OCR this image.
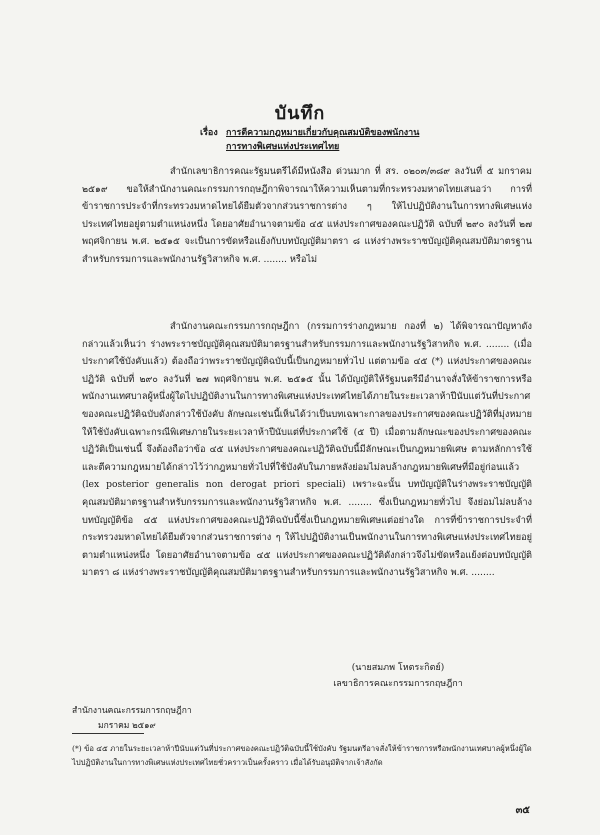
บันทึก
เรื่อง การตีความกฎหมายเกี่ยวกับคุณสมบัติของพนักงาน
การทางพิเศษแห่งประเทศไทย
สำนักเลขาธิการคณะรัฐมนตรีได้มีหนังสือ ด่วนมาก ที่ สร. ๐๒๐๓/๓๘๙ ลงวันที่ ๕ มกราคม ๒๕๑๙ ขอให้สำนักงานคณะกรรมการกฤษฎีกาพิจารณาให้ความเห็นตามที่กระทรวงมหาดไทยเสนอว่า การที่ข้าราชการประจำที่กระทรวงมหาดไทยได้ยืมตัวจากส่วนราชการต่าง ๆ ให้ไปปฏิบัติงานในการทางพิเศษแห่งประเทศไทยอยู่ตามตำแหน่งหนึ่ง โดยอาศัยอำนาจตามข้อ ๔๕ แห่งประกาศของคณะปฏิวัติ ฉบับที่ ๒๙๐ ลงวันที่ ๒๗ พฤศจิกายน พ.ศ. ๒๕๑๕ จะเป็นการขัดหรือแย้งกับบทบัญญัติมาตรา ๘ แห่งร่างพระราชบัญญัติคุณสมบัติมาตรฐานสำหรับกรรมการและพนักงานรัฐวิสาหกิจ พ.ศ. ........ หรือไม่
สำนักงานคณะกรรมการกฤษฎีกา (กรรมการร่างกฎหมาย กองที่ ๒) ได้พิจารณาปัญหาดังกล่าวแล้วเห็นว่า ร่างพระราชบัญญัติคุณสมบัติมาตรฐานสำหรับกรรมการและพนักงานรัฐวิสาหกิจ พ.ศ. ........ (เมื่อประกาศใช้บังคับแล้ว) ต้องถือว่าพระราชบัญญัติฉบับนี้เป็นกฎหมายทั่วไป แต่ตามข้อ ๔๕ (*) แห่งประกาศของคณะปฏิวัติ ฉบับที่ ๒๙๐ ลงวันที่ ๒๗ พฤศจิกายน พ.ศ. ๒๕๑๕ นั้น ได้บัญญัติให้รัฐมนตรีมีอำนาจสั่งให้ข้าราชการหรือพนักงานเทศบาลผู้หนึ่งผู้ใดไปปฏิบัติงานในการทางพิเศษแห่งประเทศไทยได้ภายในระยะเวลาห้าปีนับแต่วันที่ประกาศของคณะปฏิวัติฉบับดังกล่าวใช้บังคับ ลักษณะเช่นนี้เห็นได้ว่าเป็นบทเฉพาะกาลของประกาศของคณะปฏิวัติที่มุ่งหมายให้ใช้บังคับเฉพาะกรณีพิเศษภายในระยะเวลาห้าปีนับแต่ที่ประกาศใช้ (๕ ปี) เมื่อตามลักษณะของประกาศของคณะปฏิวัติเป็นเช่นนี้ จึงต้องถือว่าข้อ ๔๕ แห่งประกาศของคณะปฏิวัติฉบับนี้มีลักษณะเป็นกฎหมายพิเศษ ตามหลักการใช้และตีความกฎหมายได้กล่าวไว้ว่ากฎหมายทั่วไปที่ใช้บังคับในภายหลังย่อมไม่ลบล้างกฎหมายพิเศษที่มีอยู่ก่อนแล้ว (lex posterior generalis non derogat priori speciali) เพราะฉะนั้น บทบัญญัติในร่างพระราชบัญญัติคุณสมบัติมาตรฐานสำหรับกรรมการและพนักงานรัฐวิสาหกิจ พ.ศ. ........ ซึ่งเป็นกฎหมายทั่วไป จึงย่อมไม่ลบล้างบทบัญญัติข้อ ๔๕ แห่งประกาศของคณะปฏิวัติฉบับนี้ซึ่งเป็นกฎหมายพิเศษแต่อย่างใด การที่ข้าราชการประจำที่กระทรวงมหาดไทยได้ยืมตัวจากส่วนราชการต่าง ๆ ให้ไปปฏิบัติงานเป็นพนักงานในการทางพิเศษแห่งประเทศไทยอยู่ตามตำแหน่งหนึ่ง โดยอาศัยอำนาจตามข้อ ๔๕ แห่งประกาศของคณะปฏิวัติดังกล่าวจึงไม่ขัดหรือแย้งต่อบทบัญญัติมาตรา ๘ แห่งร่างพระราชบัญญัติคุณสมบัติมาตรฐานสำหรับกรรมการและพนักงานรัฐวิสาหกิจ พ.ศ. ........
(นายสมภพ โหตระกิตย์)
เลขาธิการคณะกรรมการกฤษฎีกา
สำนักงานคณะกรรมการกฤษฎีกา
มกราคม ๒๕๑๙
(*) ข้อ ๔๕ ภายในระยะเวลาห้าปีนับแต่วันที่ประกาศของคณะปฏิวัติฉบับนี้ใช้บังคับ รัฐมนตรีอาจสั่งให้ข้าราชการหรือพนักงานเทศบาลผู้หนึ่งผู้ใดไปปฏิบัติงานในการทางพิเศษแห่งประเทศไทยชั่วคราวเป็นครั้งคราว เมื่อได้รับอนุมัติจากเจ้าสังกัด
๓๕
